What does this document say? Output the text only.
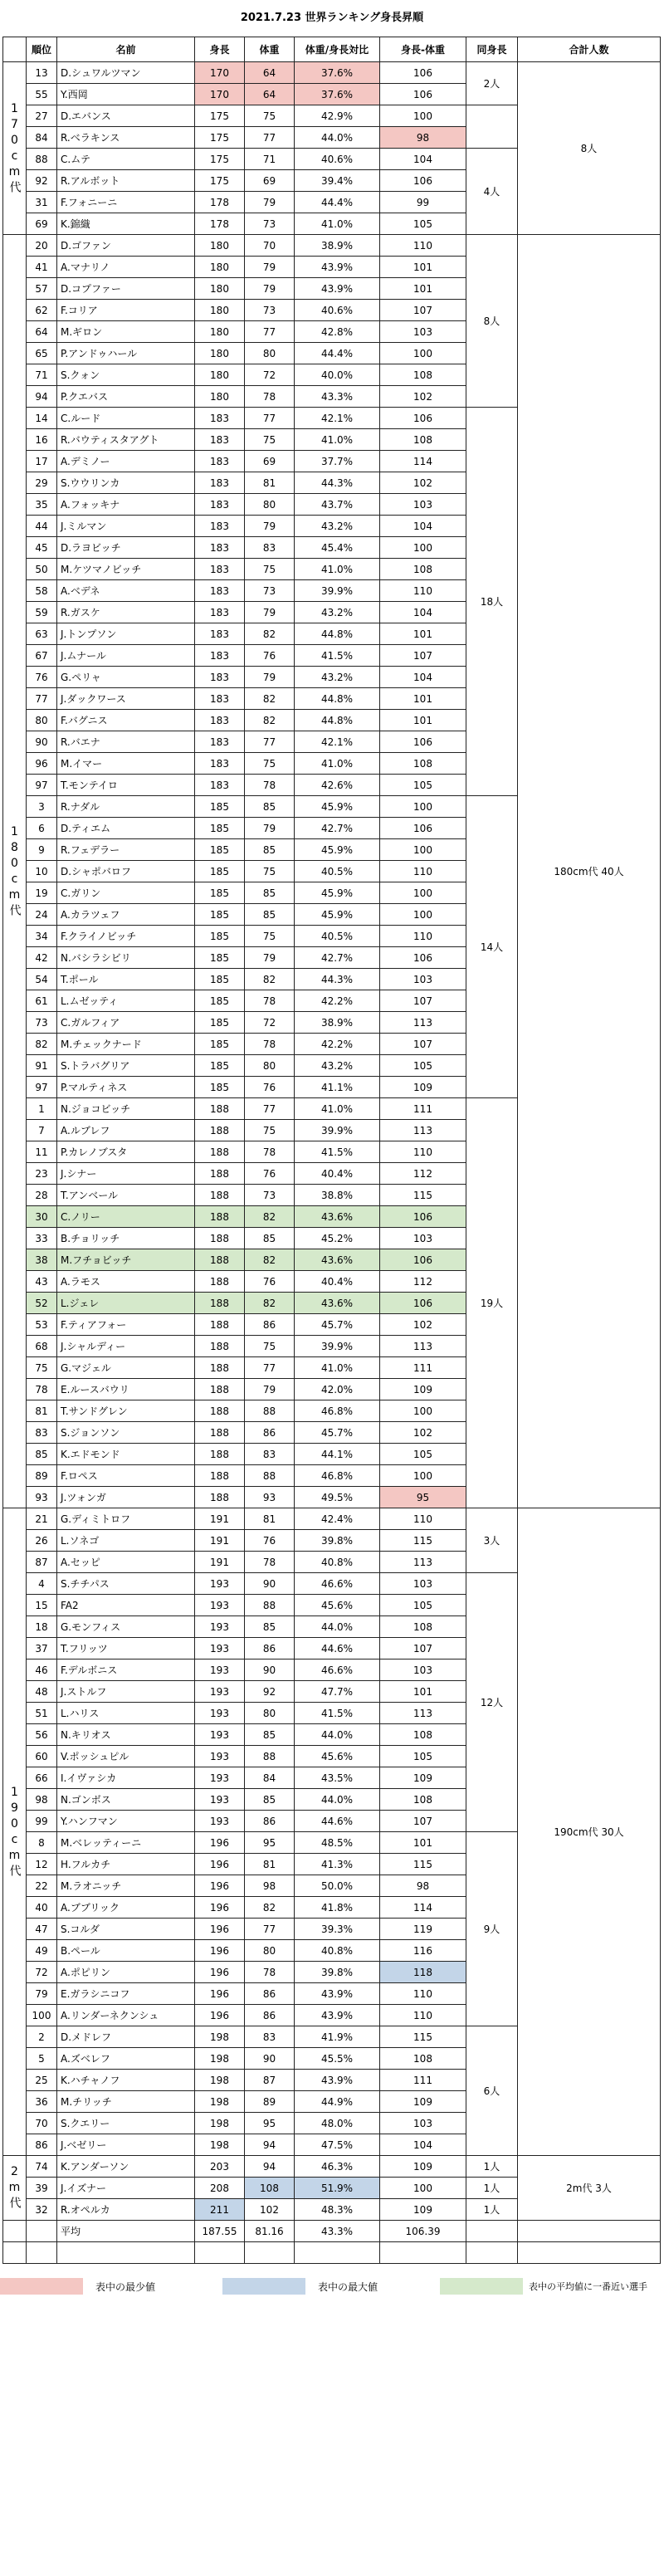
2021.7.23 世界ランキング身長昇順
	順位	名前	身長	体重	体重/身長対比	身長-体重	同身長	合計人数
170cm代	13	D.シュワルツマン	170	64	37.6%	106	2人	8人
	55	Y.西岡	170	64	37.6%	106		
	27	D.エバンス	175	75	42.9%	100		
	84	R.ベラキンス	175	77	44.0%	98		
	88	C.ムテ	175	71	40.6%	104	4人	
	92	R.アルボット	175	69	39.4%	106		
	31	F.フォニーニ	178	79	44.4%	99		
	69	K.錦織	178	73	41.0%	105		
180cm代	20	D.ゴファン	180	70	38.9%	110	8人	180cm代 40人
	41	A.マナリノ	180	79	43.9%	101		
	57	D.コプファー	180	79	43.9%	101		
	62	F.コリア	180	73	40.6%	107		
	64	M.ギロン	180	77	42.8%	103		
	65	P.アンドゥハール	180	80	44.4%	100		
	71	S.クォン	180	72	40.0%	108		
	94	P.クエバス	180	78	43.3%	102		
	14	C.ルード	183	77	42.1%	106	18人	
	16	R.バウティスタアグト	183	75	41.0%	108		
	17	A.デミノー	183	69	37.7%	114		
	29	S.ウウリンカ	183	81	44.3%	102		
	35	A.フォッキナ	183	80	43.7%	103		
	44	J.ミルマン	183	79	43.2%	104		
	45	D.ラヨビッチ	183	83	45.4%	100		
	50	M.ケツマノビッチ	183	75	41.0%	108		
	58	A.ベデネ	183	73	39.9%	110		
	59	R.ガスケ	183	79	43.2%	104		
	63	J.トンプソン	183	82	44.8%	101		
	67	J.ムナール	183	76	41.5%	107		
	76	G.ペリャ	183	79	43.2%	104		
	77	J.ダックワース	183	82	44.8%	101		
	80	F.バグニス	183	82	44.8%	101		
	90	R.バエナ	183	77	42.1%	106		
	96	M.イマー	183	75	41.0%	108		
	97	T.モンテイロ	183	78	42.6%	105		
	3	R.ナダル	185	85	45.9%	100	14人	
	6	D.ティエム	185	79	42.7%	106		
	9	R.フェデラー	185	85	45.9%	100		
	10	D.シャポバロフ	185	75	40.5%	110		
	19	C.ガリン	185	85	45.9%	100		
	24	A.カラツェフ	185	85	45.9%	100		
	34	F.クライノビッチ	185	75	40.5%	110		
	42	N.バシラシビリ	185	79	42.7%	106		
	54	T.ポール	185	82	44.3%	103		
	61	L.ムゼッティ	185	78	42.2%	107		
	73	C.ガルフィア	185	72	38.9%	113		
	82	M.チェックナード	185	78	42.2%	107		
	91	S.トラバグリア	185	80	43.2%	105		
	97	P.マルティネス	185	76	41.1%	109		
	1	N.ジョコビッチ	188	77	41.0%	111	19人	
	7	A.ルブレフ	188	75	39.9%	113		
	11	P.カレノブスタ	188	78	41.5%	110		
	23	J.シナー	188	76	40.4%	112		
	28	T.アンベール	188	73	38.8%	115		
	30	C.ノリー	188	82	43.6%	106		
	33	B.チョリッチ	188	85	45.2%	103		
	38	M.フチョビッチ	188	82	43.6%	106		
	43	A.ラモス	188	76	40.4%	112		
	52	L.ジェレ	188	82	43.6%	106		
	53	F.ティアフォー	188	86	45.7%	102		
	68	J.シャルディー	188	75	39.9%	113		
	75	G.マジェル	188	77	41.0%	111		
	78	E.ルースバウリ	188	79	42.0%	109		
	81	T.サンドグレン	188	88	46.8%	100		
	83	S.ジョンソン	188	86	45.7%	102		
	85	K.エドモンド	188	83	44.1%	105		
	89	F.ロペス	188	88	46.8%	100		
	93	J.ツォンガ	188	93	49.5%	95		
190cm代	21	G.ディミトロフ	191	81	42.4%	110	3人	190cm代 30人
	26	L.ソネゴ	191	76	39.8%	115		
	87	A.セッピ	191	78	40.8%	113		
	4	S.チチパス	193	90	46.6%	103	12人	
	15	FA2	193	88	45.6%	105		
	18	G.モンフィス	193	85	44.0%	108		
	37	T.フリッツ	193	86	44.6%	107		
	46	F.デルボニス	193	90	46.6%	103		
	48	J.ストルフ	193	92	47.7%	101		
	51	L.ハリス	193	80	41.5%	113		
	56	N.キリオス	193	85	44.0%	108		
	60	V.ポッシュピル	193	88	45.6%	105		
	66	I.イヴァシカ	193	84	43.5%	109		
	98	N.ゴンボス	193	85	44.0%	108		
	99	Y.ハンフマン	193	86	44.6%	107		
	8	M.ベレッティーニ	196	95	48.5%	101	9人	
	12	H.フルカチ	196	81	41.3%	115		
	22	M.ラオニッチ	196	98	50.0%	98		
	40	A.ブブリック	196	82	41.8%	114		
	47	S.コルダ	196	77	39.3%	119		
	49	B.ペール	196	80	40.8%	116		
	72	A.ポピリン	196	78	39.8%	118		
	79	E.ガラシニコフ	196	86	43.9%	110		
	100	A.リンダーネクンシュ	196	86	43.9%	110		
	2	D.メドレフ	198	83	41.9%	115	6人	
	5	A.ズベレフ	198	90	45.5%	108		
	25	K.ハチャノフ	198	87	43.9%	111		
	36	M.チリッチ	198	89	44.9%	109		
	70	S.クエリー	198	95	48.0%	103		
	86	J.ベゼリー	198	94	47.5%	104		
2m代	74	K.アンダーソン	203	94	46.3%	109	1人	2m代 3人
	39	J.イズナー	208	108	51.9%	100	1人	
	32	R.オペルカ	211	102	48.3%	109	1人	
		平均	187.55	81.16	43.3%	106.39		

表中の最少値	表中の最大値	表中の平均値に一番近い選手
